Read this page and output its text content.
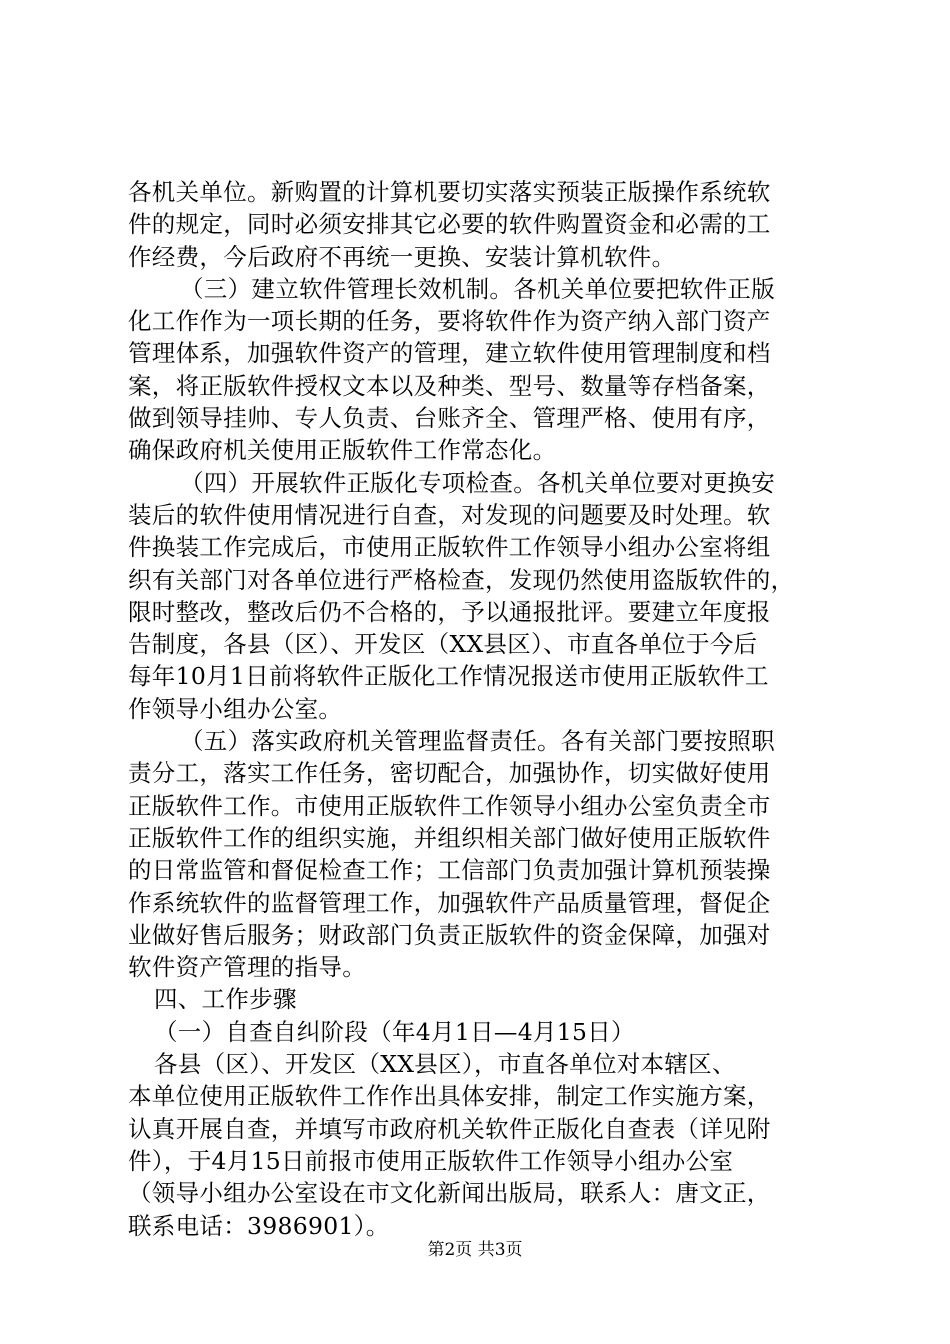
各机关单位。新购置的计算机要切实落实预装正版操作系统软
件的规定，同时必须安排其它必要的软件购置资金和必需的工
作经费，今后政府不再统一更换、安装计算机软件。
（三）建立软件管理长效机制。各机关单位要把软件正版
化工作作为一项长期的任务，要将软件作为资产纳入部门资产
管理体系，加强软件资产的管理，建立软件使用管理制度和档
案，将正版软件授权文本以及种类、型号、数量等存档备案，
做到领导挂帅、专人负责、台账齐全、管理严格、使用有序，
确保政府机关使用正版软件工作常态化。
（四）开展软件正版化专项检查。各机关单位要对更换安
装后的软件使用情况进行自查，对发现的问题要及时处理。软
件换装工作完成后，市使用正版软件工作领导小组办公室将组
织有关部门对各单位进行严格检查，发现仍然使用盗版软件的，
限时整改，整改后仍不合格的，予以通报批评。要建立年度报
告制度，各县（区）、开发区（XX县区）、市直各单位于今后
每年10月1日前将软件正版化工作情况报送市使用正版软件工
作领导小组办公室。
（五）落实政府机关管理监督责任。各有关部门要按照职
责分工，落实工作任务，密切配合，加强协作，切实做好使用
正版软件工作。市使用正版软件工作领导小组办公室负责全市
正版软件工作的组织实施，并组织相关部门做好使用正版软件
的日常监管和督促检查工作；工信部门负责加强计算机预装操
作系统软件的监督管理工作，加强软件产品质量管理，督促企
业做好售后服务；财政部门负责正版软件的资金保障，加强对
软件资产管理的指导。
四、工作步骤
（一）自查自纠阶段（年4月1日—4月15日）
各县（区）、开发区（XX县区），市直各单位对本辖区、
本单位使用正版软件工作作出具体安排，制定工作实施方案，
认真开展自查，并填写市政府机关软件正版化自查表（详见附
件），于4月15日前报市使用正版软件工作领导小组办公室
（领导小组办公室设在市文化新闻出版局，联系人：唐文正，
联系电话：3986901）。
第2页 共3页
